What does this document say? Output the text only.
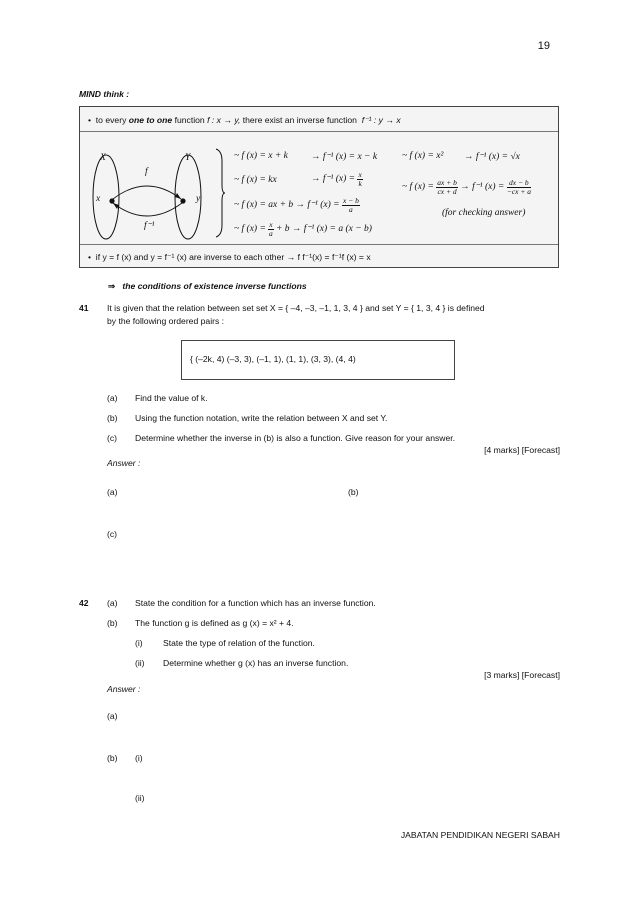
19
MIND think :
• to every one to one function f : x → y, there exist an inverse function f⁻¹ : y → x
X	Y
f
f⁻¹
x	y
~ f (x) = x + k → f⁻¹ (x) = x − k
~ f (x) = kx	→ f⁻¹ $(x) = \frac{x}{k}$
~ f (x) = ax + b → f⁻¹ $(x) = \frac{x - b}{a}$
~ f $(x) = \frac{x}{a} + b \to f^{-1}$ (x) = a (x − b)
~ f (x) = x² → f⁻¹ (x) = √x
~ f $(x) = \frac{ax + b}{cx + d} \to f^{-1}$ $(x) = \frac{dx - b}{-cx + a}$
(for checking answer)
• if y = f (x) and y = f⁻¹ (x) are inverse to each other → f f⁻¹(x) = f⁻¹f (x) = x
⇒ the conditions of existence inverse functions
41 It is given that the relation between set set X = { –4, –3, –1, 1, 3, 4 } and set Y = { 1, 3, 4 } is defined
by the following ordered pairs :
{ (–2k, 4) (–3, 3), (–1, 1), (1, 1), (3, 3), (4, 4)
(a) Find the value of k.
(b) Using the function notation, write the relation between X and set Y.
(c) Determine whether the inverse in (b) is also a function. Give reason for your answer.
[4 marks] [Forecast]
Answer :
(a)	(b)
(c)
42 (a) State the condition for a function which has an inverse function.
(b) The function g is defined as g (x) = x² + 4.
(i) State the type of relation of the function.
(ii) Determine whether g (x) has an inverse function.
[3 marks] [Forecast]
Answer :
(a)
(b) (i)
(ii)
JABATAN PENDIDIKAN NEGERI SABAH
